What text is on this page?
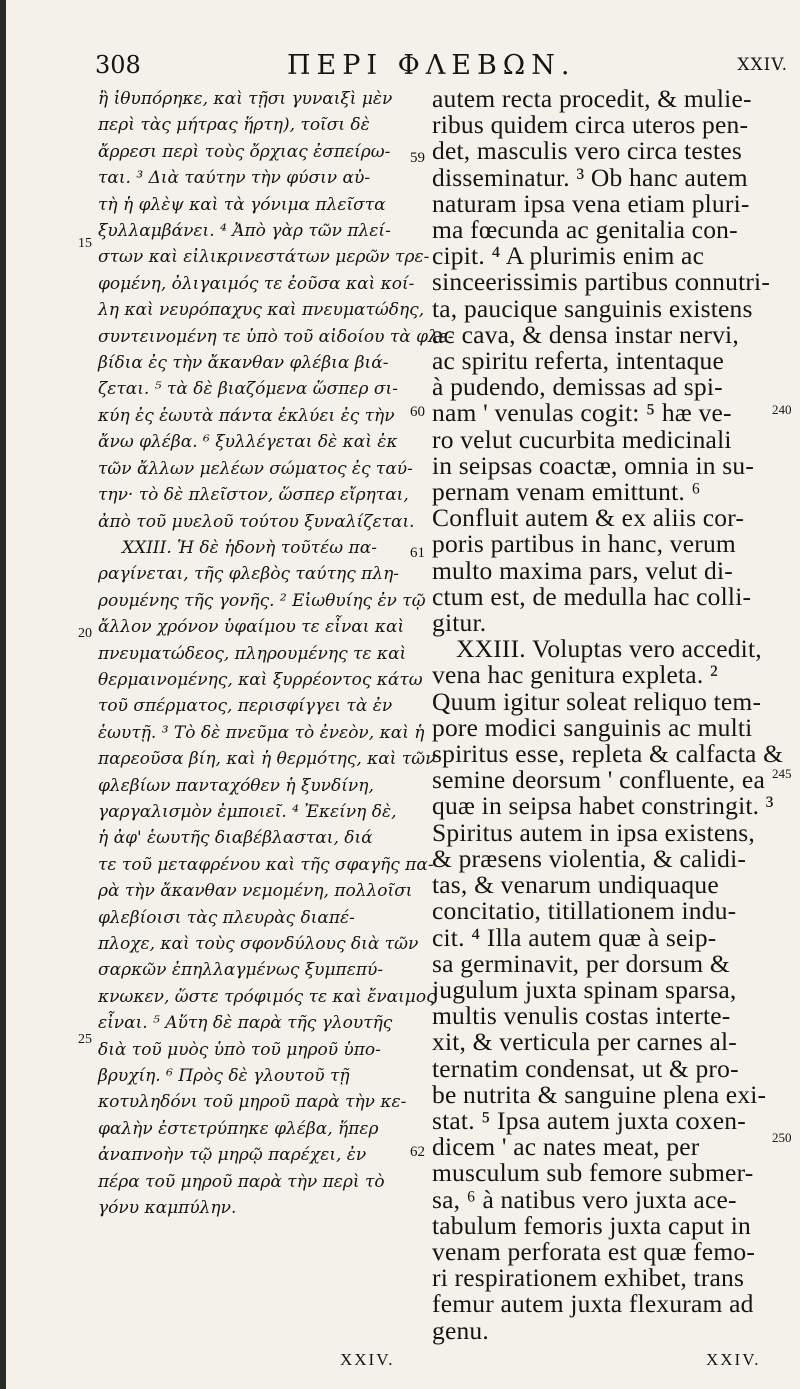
308	ΠΕΡΙ ΦΛΕΒΩΝ.	XXIV.
ἢ ἰθυπόρηκε, καὶ τῇσι γυναιξὶ μὲν
περὶ τὰς μήτρας ἥρτη), τοῖσι δὲ
ἄρρεσι περὶ τοὺς ὄρχιας ἐσπείρω-
ται. ³ Διὰ ταύτην τὴν φύσιν αὐ-
τὴ ἡ φλὲψ καὶ τὰ γόνιμα πλεῖστα
ξυλλαμβάνει. ⁴ Ἀπὸ γὰρ τῶν πλεί-
στων καὶ εἰλικρινεστάτων μερῶν τρε-
φομένη, ὀλιγαιμός τε ἐοῦσα καὶ κοί-
λη καὶ νευρόπαχυς καὶ πνευματώδης,
συντεινομένη τε ὑπὸ τοῦ αἰδοίου τὰ φλε-
βίδια ἐς τὴν ἄκανθαν φλέβια βιά-
ζεται. ⁵ τὰ δὲ βιαζόμενα ὥσπερ σι-
κύη ἐς ἑωυτὰ πάντα ἐκλύει ἐς τὴν
ἄνω φλέβα. ⁶ ξυλλέγεται δὲ καὶ ἐκ
τῶν ἄλλων μελέων σώματος ἐς ταύ-
την· τὸ δὲ πλεῖστον, ὥσπερ εἴρηται,
ἀπὸ τοῦ μυελοῦ τούτου ξυναλίζεται.
XXIII. Ἡ δὲ ἡδονὴ τοῦτέω πα-
ραγίνεται, τῆς φλεβὸς ταύτης πλη-
ρουμένης τῆς γονῆς. ² Εἰωθυίης ἐν τῷ
ἄλλον χρόνον ὑφαίμου τε εἶναι καὶ
πνευματώδεος, πληρουμένης τε καὶ
θερμαινομένης, καὶ ξυρρέοντος κάτω
τοῦ σπέρματος, περισφίγγει τὰ ἐν
ἑωυτῇ. ³ Τὸ δὲ πνεῦμα τὸ ἐνεὸν, καὶ ἡ
παρεοῦσα βίη, καὶ ἡ θερμότης, καὶ τῶν
φλεβίων πανταχόθεν ἡ ξυνδίνη,
γαργαλισμὸν ἐμποιεῖ. ⁴ Ἐκείνη δὲ,
ἡ ἀφ' ἑωυτῆς διαβέβλασται, διά
τε τοῦ μεταφρένου καὶ τῆς σφαγῆς πα-
ρὰ τὴν ἄκανθαν νεμομένη, πολλοῖσι
φλεβίοισι τὰς πλευρὰς διαπέ-
πλοχε, καὶ τοὺς σφονδύλους διὰ τῶν
σαρκῶν ἐπηλλαγμένως ξυμπεπύ-
κνωκεν, ὥστε τρόφιμός τε καὶ ἔναιμος
εἶναι. ⁵ Αὕτη δὲ παρὰ τῆς γλουτῆς
διὰ τοῦ μυὸς ὑπὸ τοῦ μηροῦ ὑπο-
βρυχίη. ⁶ Πρὸς δὲ γλουτοῦ τῇ
κοτυληδόνι τοῦ μηροῦ παρὰ τὴν κε-
φαλὴν ἐστετρύπηκε φλέβα, ἥπερ
ἀναπνοὴν τῷ μηρῷ παρέχει, ἐν
πέρα τοῦ μηροῦ παρὰ τὴν περὶ τὸ
γόνυ καμπύλην.
autem recta procedit, & mulie-
ribus quidem circa uteros pen-
det, masculis vero circa testes
disseminatur. ³ Ob hanc autem
naturam ipsa vena etiam pluri-
ma fœcunda ac genitalia con-
cipit. ⁴ A plurimis enim ac
sinceerissimis partibus connutri-
ta, paucique sanguinis existens
ac cava, & densa instar nervi,
ac spiritu referta, intentaque
à pudendo, demissas ad spi-
nam ' venulas cogit: ⁵ hæ ve-
ro velut cucurbita medicinali
in seipsas coactæ, omnia in su-
pernam venam emittunt. ⁶
Confluit autem & ex aliis cor-
poris partibus in hanc, verum
multo maxima pars, velut di-
ctum est, de medulla hac colli-
gitur.
XXIII. Voluptas vero accedit,
vena hac genitura expleta. ²
Quum igitur soleat reliquo tem-
pore modici sanguinis ac multi
spiritus esse, repleta & calfacta &
semine deorsum ' confluente, ea
quæ in seipsa habet constringit. ³
Spiritus autem in ipsa existens,
& præsens violentia, & calidi-
tas, & venarum undiquaque
concitatio, titillationem indu-
cit. ⁴ Illa autem quæ à seip-
sa germinavit, per dorsum &
jugulum juxta spinam sparsa,
multis venulis costas interte-
xit, & verticula per carnes al-
ternatim condensat, ut & pro-
be nutrita & sanguine plena exi-
stat. ⁵ Ipsa autem juxta coxen-
dicem ' ac nates meat, per
musculum sub femore submer-
sa, ⁶ à natibus vero juxta ace-
tabulum femoris juxta caput in
venam perforata est quæ femo-
ri respirationem exhibet, trans
femur autem juxta flexuram ad
genu.
15
20
25
59
60
61
62
240
245
250
XXIV.	XXIV.
